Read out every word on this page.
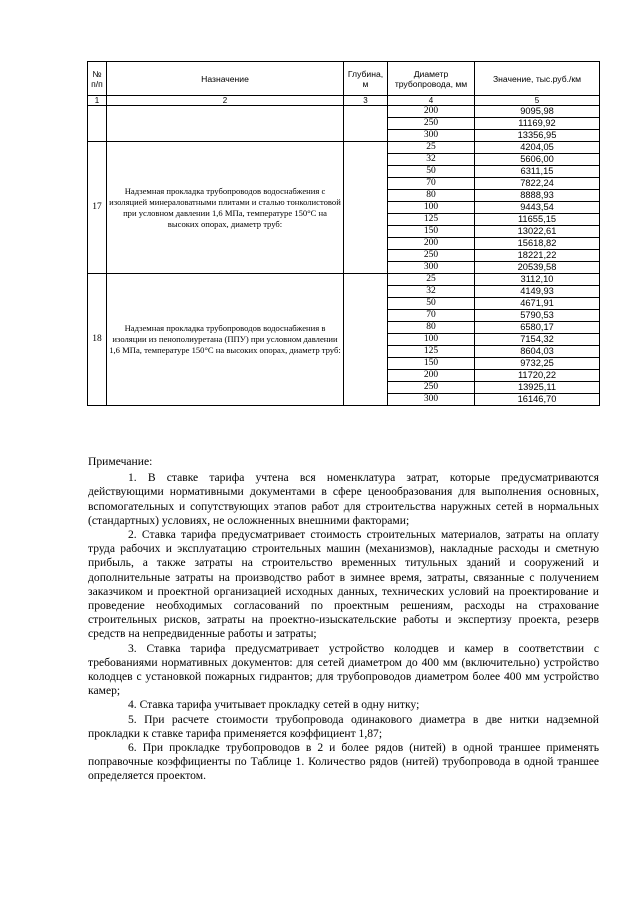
№ п/п	Назначение	Глубина, м	Диаметр трубопровода, мм	Значение, тыс.руб./км
1	2	3	4	5
			200	9095,98
			250	11169,92
			300	13356,95
17	Надземная прокладка трубопроводов водоснабжения с изоляцией минераловатными плитами и сталью тонколистовой при условном давлении 1,6 МПа, температуре 150°С на высоких опорах, диаметр труб:		25	4204,05
			32	5606,00
			50	6311,15
			70	7822,24
			80	8888,93
			100	9443,54
			125	11655,15
			150	13022,61
			200	15618,82
			250	18221,22
			300	20539,58
18	Надземная прокладка трубопроводов водоснабжения в изоляции из пенополиуретана (ППУ) при условном давлении 1,6 МПа, температуре 150°С на высоких опорах, диаметр труб:		25	3112,10
			32	4149,93
			50	4671,91
			70	5790,53
			80	6580,17
			100	7154,32
			125	8604,03
			150	9732,25
			200	11720,22
			250	13925,11
			300	16146,70

Примечание:

1. В ставке тарифа учтена вся номенклатура затрат, которые предусматриваются действующими нормативными документами в сфере ценообразования для выполнения основных, вспомогательных и сопутствующих этапов работ для строительства наружных сетей в нормальных (стандартных) условиях, не осложненных внешними факторами;

2. Ставка тарифа предусматривает стоимость строительных материалов, затраты на оплату труда рабочих и эксплуатацию строительных машин (механизмов), накладные расходы и сметную прибыль, а также затраты на строительство временных титульных зданий и сооружений и дополнительные затраты на производство работ в зимнее время, затраты, связанные с получением заказчиком и проектной организацией исходных данных, технических условий на проектирование и проведение необходимых согласований по проектным решениям, расходы на страхование строительных рисков, затраты на проектно-изыскательские работы и экспертизу проекта, резерв средств на непредвиденные работы и затраты;

3. Ставка тарифа предусматривает устройство колодцев и камер в соответствии с требованиями нормативных документов: для сетей диаметром до 400 мм (включительно) устройство колодцев с установкой пожарных гидрантов; для трубопроводов диаметром более 400 мм устройство камер;

4. Ставка тарифа учитывает прокладку сетей в одну нитку;

5. При расчете стоимости трубопровода одинакового диаметра в две нитки надземной прокладки к ставке тарифа применяется коэффициент 1,87;

6. При прокладке трубопроводов в 2 и более рядов (нитей) в одной траншее применять поправочные коэффициенты по Таблице 1. Количество рядов (нитей) трубопровода в одной траншее определяется проектом.
